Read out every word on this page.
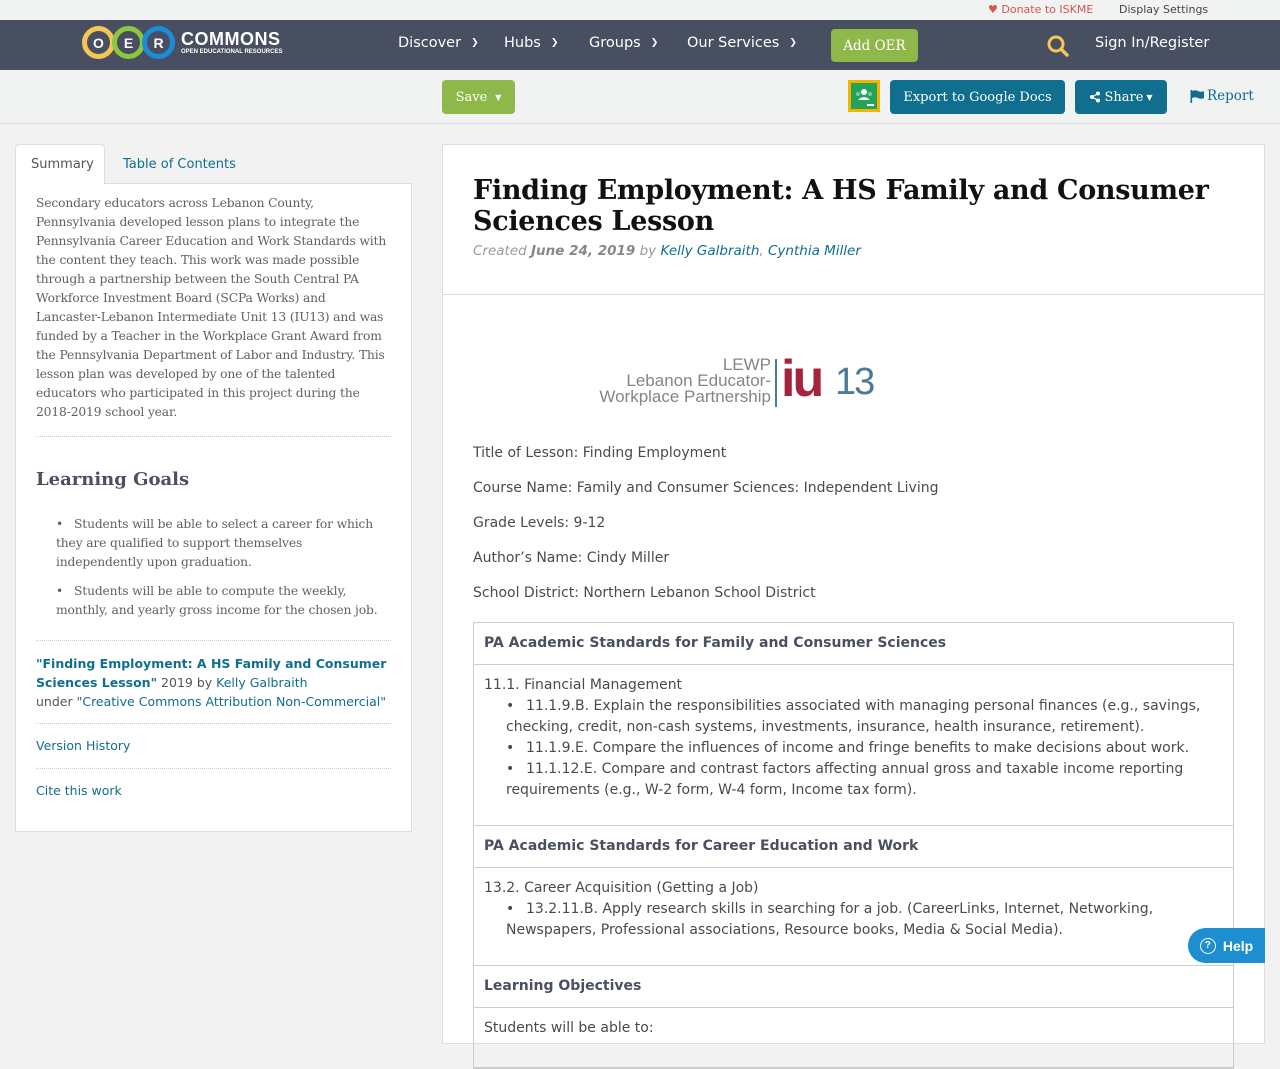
♥ Donate to ISKME Display Settings
O	E	R COMMONS
OPEN EDUCATIONAL RESOURCES
Discover ❯ Hubs ❯ Groups ❯ Our Services ❯	Add OER	Sign In/Register
Save ▼	Export to Google Docs	Share ▼	Report
Summary	Table of Contents

Secondary educators across Lebanon County, Pennsylvania developed lesson plans to integrate the Pennsylvania Career Education and Work Standards with the content they teach. This work was made possible through a partnership between the South Central PA Workforce Investment Board (SCPa Works) and Lancaster-Lebanon Intermediate Unit 13 (IU13) and was funded by a Teacher in the Workplace Grant Award from the Pennsylvania Department of Labor and Industry. This lesson plan was developed by one of the talented educators who participated in this project during the 2018-2019 school year.

Learning Goals
• Students will be able to select a career for which they are qualified to support themselves independently upon graduation.
• Students will be able to compute the weekly, monthly, and yearly gross income for the chosen job.
"Finding Employment: A HS Family and Consumer Sciences Lesson" 2019 by Kelly Galbraith
under "Creative Commons Attribution Non-Commercial"
Version History
Cite this work
Finding Employment: A HS Family and Consumer Sciences Lesson
Created June 24, 2019 by Kelly Galbraith, Cynthia Miller
LEWP
Lebanon Educator-
Workplace Partnership iu 13

Title of Lesson: Finding Employment

Course Name: Family and Consumer Sciences: Independent Living

Grade Levels: 9-12

Author’s Name: Cindy Miller

School District: Northern Lebanon School District

PA Academic Standards for Family and Consumer Sciences
11.1. Financial Management
• 11.1.9.B. Explain the responsibilities associated with managing personal finances (e.g., savings, checking, credit, non-cash systems, investments, insurance, health insurance, retirement).
• 11.1.9.E. Compare the influences of income and fringe benefits to make decisions about work.
• 11.1.12.E. Compare and contrast factors affecting annual gross and taxable income reporting requirements (e.g., W-2 form, W-4 form, Income tax form).
PA Academic Standards for Career Education and Work
13.2. Career Acquisition (Getting a Job)
• 13.2.11.B. Apply research skills in searching for a job. (CareerLinks, Internet, Networking, Newspapers, Professional associations, Resource books, Media & Social Media).
Learning Objectives
Students will be able to:
? Help
